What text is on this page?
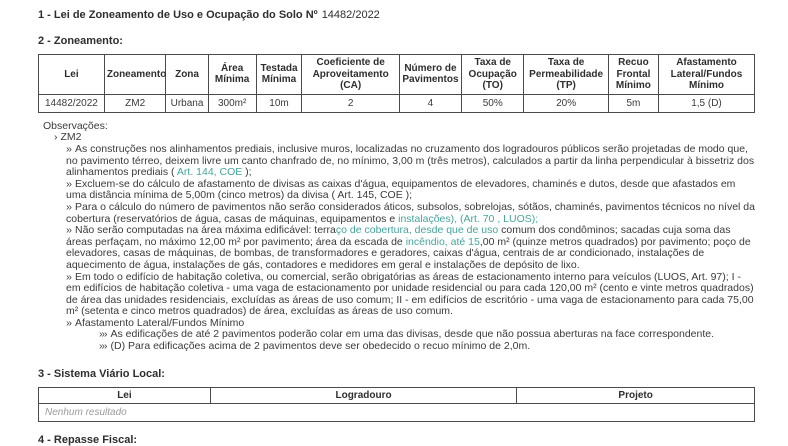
1 - Lei de Zoneamento de Uso e Ocupação do Solo Nº 14482/2022
2 - Zoneamento:
Lei	Zoneamento	Zona	Área Mínima	Testada Mínima	Coeficiente de Aproveitamento (CA)	Número de Pavimentos	Taxa de Ocupação (TO)	Taxa de Permeabilidade (TP)	Recuo Frontal Mínimo	Afastamento Lateral/Fundos Mínimo
14482/2022	ZM2	Urbana	300m²	10m	2	4	50%	20%	5m	1,5 (D)
Observações:
› ZM2
›› As construções nos alinhamentos prediais, inclusive muros, localizadas no cruzamento dos logradouros públicos serão projetadas de modo que, no pavimento térreo, deixem livre um canto chanfrado de, no mínimo, 3,00 m (três metros), calculados a partir da linha perpendicular à bissetriz dos alinhamentos prediais ( Art. 144, COE );
›› Excluem-se do cálculo de afastamento de divisas as caixas d'água, equipamentos de elevadores, chaminés e dutos, desde que afastados em uma distância mínima de 5,00m (cinco metros) da divisa ( Art. 145, COE );
›› Para o cálculo do número de pavimentos não serão considerados áticos, subsolos, sobrelojas, sótãos, chaminés, pavimentos técnicos no nível da cobertura (reservatórios de água, casas de máquinas, equipamentos e instalações), (Art. 70 , LUOS);
›› Não serão computadas na área máxima edificável: terraço de cobertura, desde que de uso comum dos condôminos; sacadas cuja soma das áreas perfaçam, no máximo 12,00 m² por pavimento; área da escada de incêndio, até 15,00 m² (quinze metros quadrados) por pavimento; poço de elevadores, casas de máquinas, de bombas, de transformadores e geradores, caixas d'água, centrais de ar condicionado, instalações de aquecimento de água, instalações de gás, contadores e medidores em geral e instalações de depósito de lixo.
›› Em todo o edifício de habitação coletiva, ou comercial, serão obrigatórias as áreas de estacionamento interno para veículos (LUOS, Art. 97); I - em edifícios de habitação coletiva - uma vaga de estacionamento por unidade residencial ou para cada 120,00 m² (cento e vinte metros quadrados) de área das unidades residenciais, excluídas as áreas de uso comum; II - em edifícios de escritório - uma vaga de estacionamento para cada 75,00 m² (setenta e cinco metros quadrados) de área, excluídas as áreas de uso comum.
›› Afastamento Lateral/Fundos Mínimo
››› As edificações de até 2 pavimentos poderão colar em uma das divisas, desde que não possua aberturas na face correspondente.
››› (D) Para edificações acima de 2 pavimentos deve ser obedecido o recuo mínimo de 2,0m.
3 - Sistema Viário Local:
Lei	Logradouro	Projeto
Nenhum resultado
4 - Repasse Fiscal:
